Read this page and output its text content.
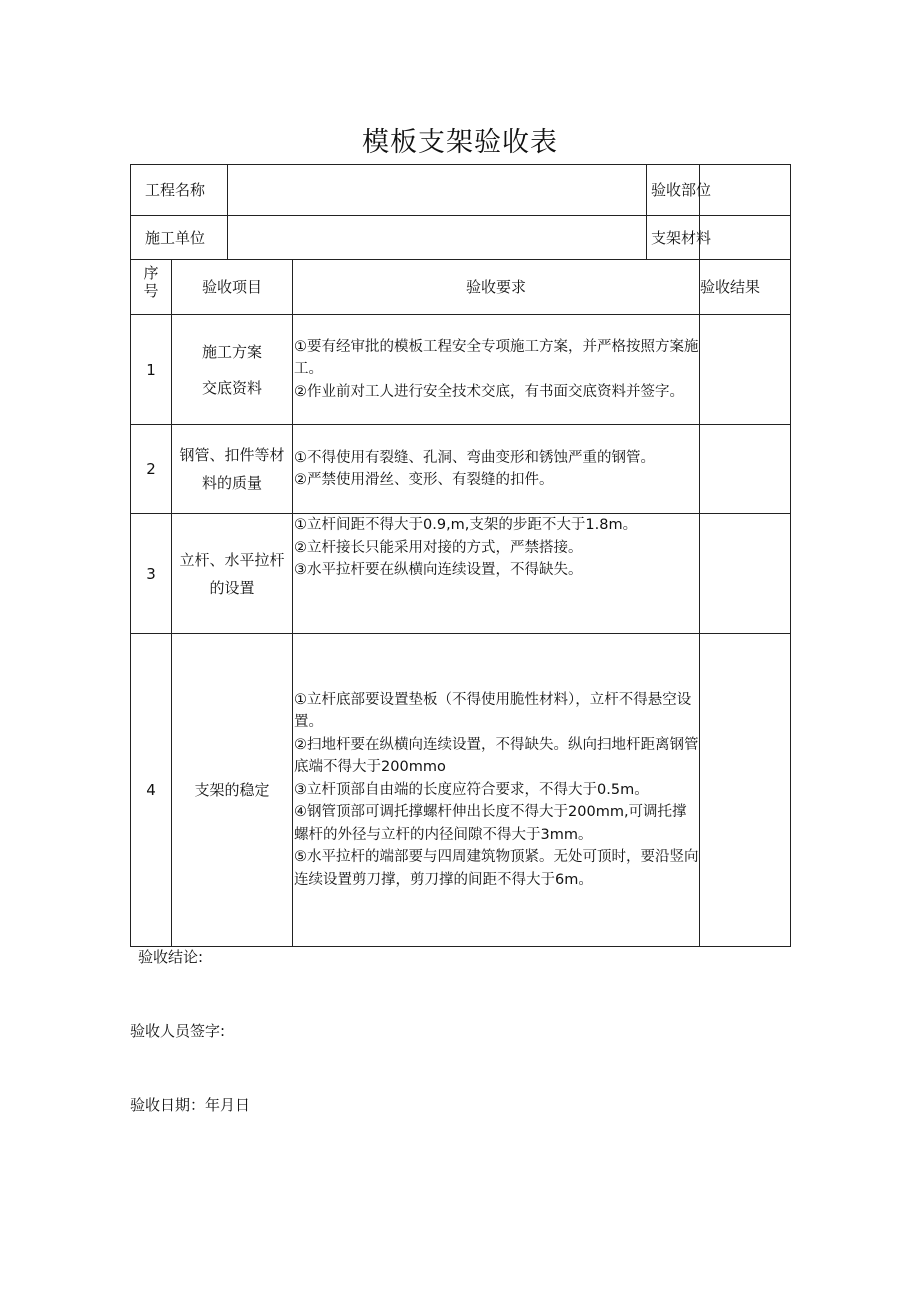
模板支架验收表
工程名称				验收部位	
施工单位				支架材料	

序
号	验收项目		验收要求		验收结果
1	施工方案
交底资料		①要有经审批的模板工程安全专项施工方案，并严格按照方案施工。
②作业前对工人进行安全技术交底，有书面交底资料并签字。		

2	钢管、扣件等材
料的质量		①不得使用有裂缝、孔洞、弯曲变形和锈蚀严重的钢管。
②严禁使用滑丝、变形、有裂缝的扣件。		

3	立杆、水平拉杆
的设置		①立杆间距不得大于0.9,m,支架的步距不大于1.8m。
②立杆接长只能采用对接的方式，严禁搭接。
③水平拉杆要在纵横向连续设置，不得缺失。		

4	支架的稳定		①立杆底部要设置垫板（不得使用脆性材料），立杆不得悬空设置。
②扫地杆要在纵横向连续设置，不得缺失。纵向扫地杆距离钢管底端不得大于200mmo
③立杆顶部自由端的长度应符合要求，不得大于0.5m。
④钢管顶部可调托撑螺杆伸出长度不得大于200mm,可调托撑螺杆的外径与立杆的内径间隙不得大于3mm。
⑤水平拉杆的端部要与四周建筑物顶紧。无处可顶时，要沿竖向连续设置剪刀撑，剪刀撑的间距不得大于6m。		

验收结论:
验收人员签字:
验收日期：年月日
